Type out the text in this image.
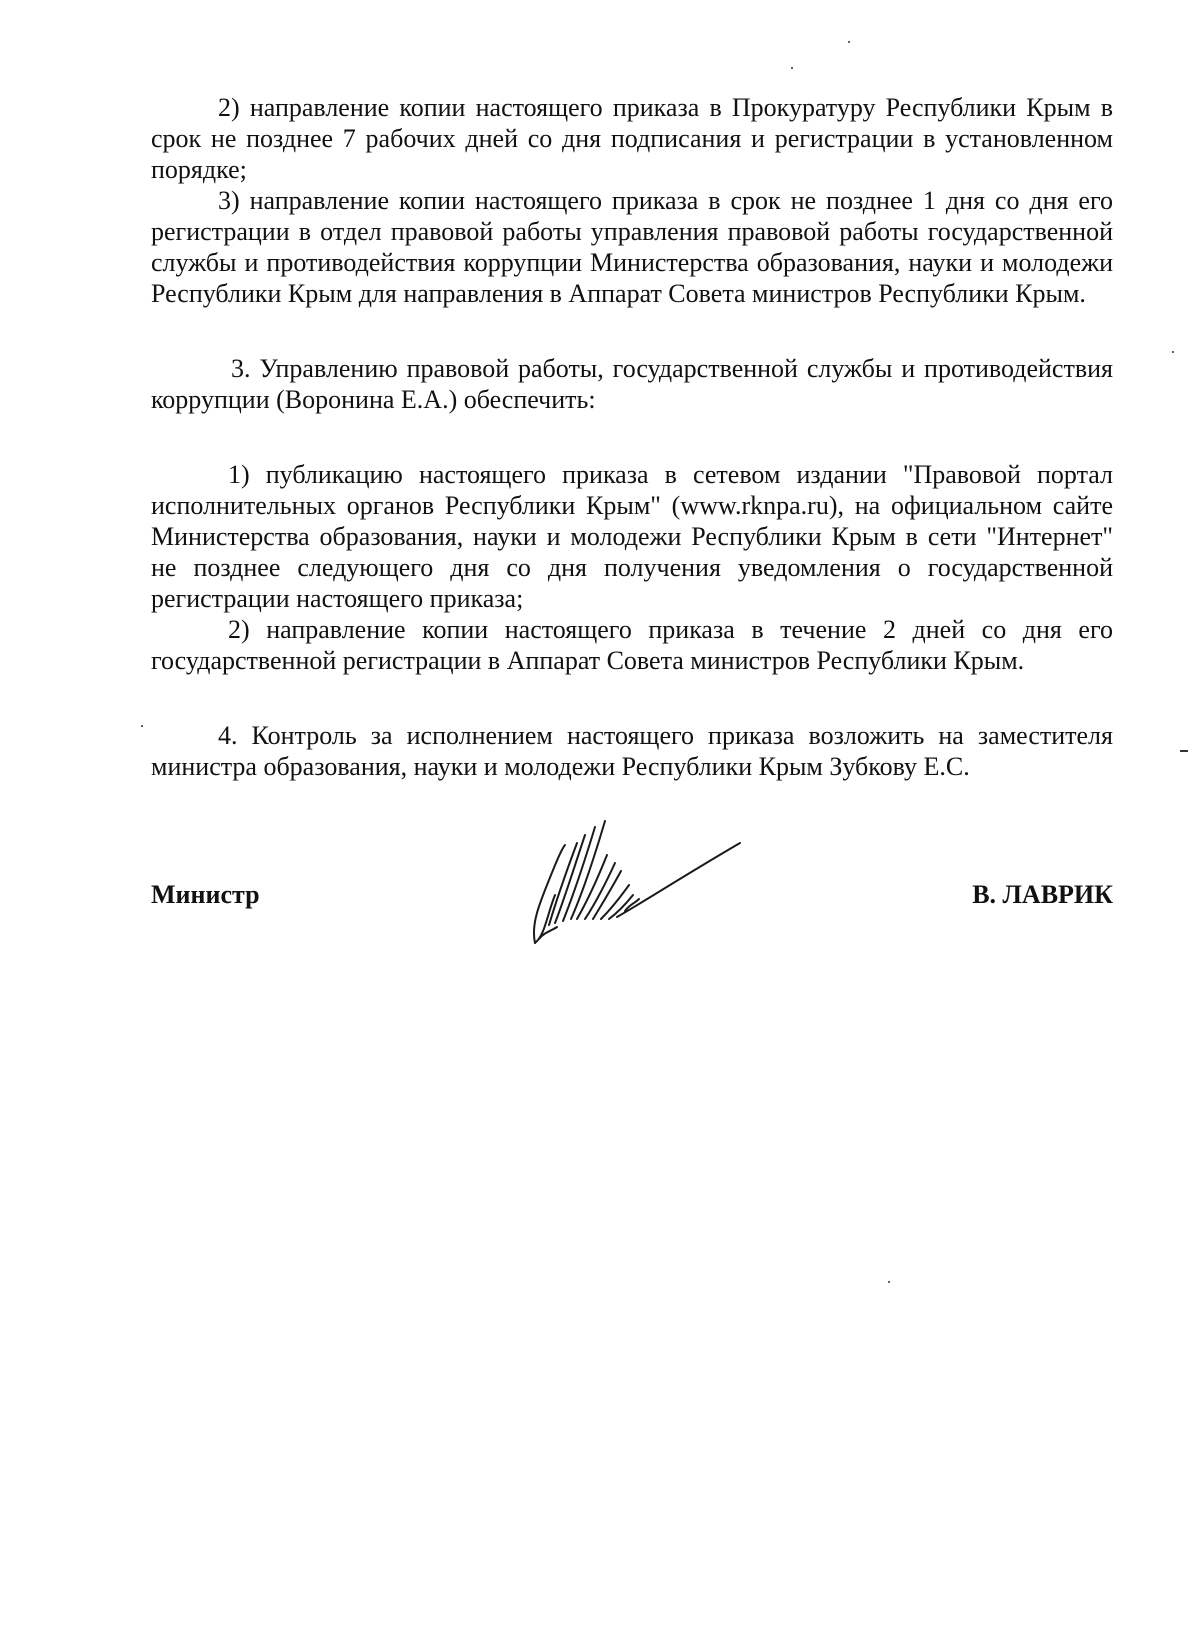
2) направление копии настоящего приказа в Прокуратуру Республики Крым в срок не позднее 7 рабочих дней со дня подписания и регистрации в установленном порядке;

3) направление копии настоящего приказа в срок не позднее 1 дня со дня его регистрации в отдел правовой работы управления правовой работы государственной службы и противодействия коррупции Министерства образования, науки и молодежи Республики Крым для направления в Аппарат Совета министров Республики Крым.

3. Управлению правовой работы, государственной службы и противодействия коррупции (Воронина Е.А.) обеспечить:

1) публикацию настоящего приказа в сетевом издании "Правовой портал исполнительных органов Республики Крым" (www.rknpa.ru), на официальном сайте Министерства образования, науки и молодежи Республики Крым в сети "Интернет" не позднее следующего дня со дня получения уведомления о государственной регистрации настоящего приказа;

2) направление копии настоящего приказа в течение 2 дней со дня его государственной регистрации в Аппарат Совета министров Республики Крым.

4. Контроль за исполнением настоящего приказа возложить на заместителя министра образования, науки и молодежи Республики Крым Зубкову Е.С.

Министр	В. ЛАВРИК
